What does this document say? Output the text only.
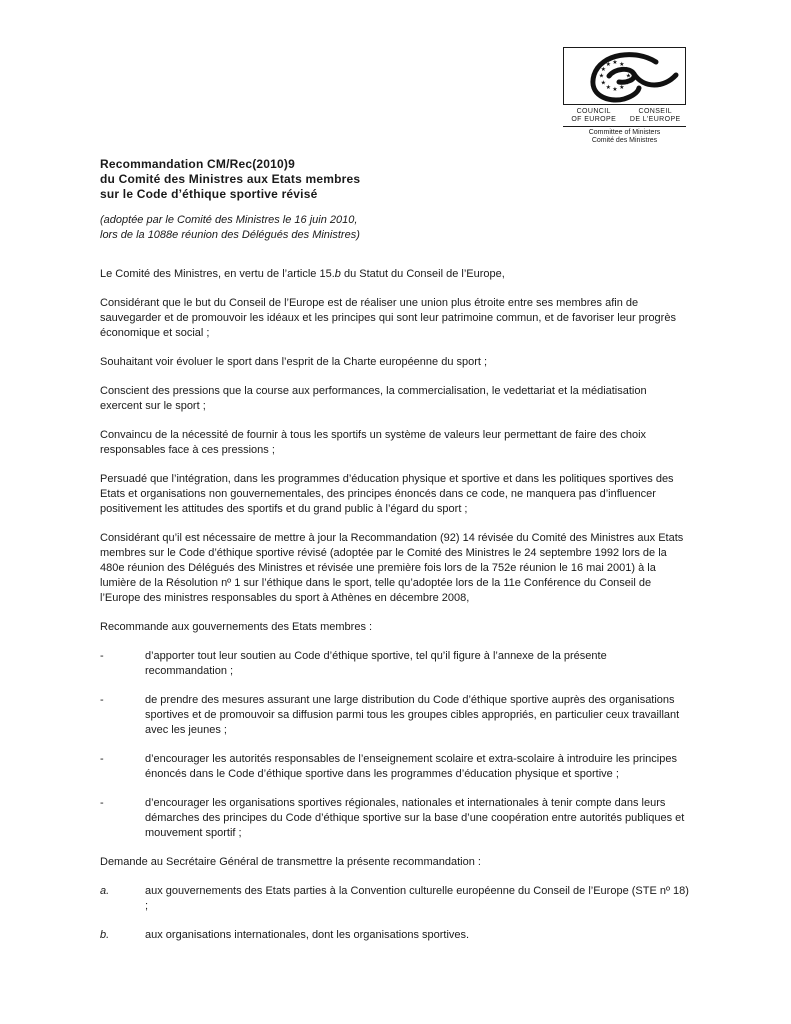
★ ★
★
★
★
★
★
★
★
★
★
★
COUNCIL
OF EUROPE
CONSEIL
DE L’EUROPE
Committee of Ministers
Comité des Ministres
Recommandation CM/Rec(2010)9
du Comité des Ministres aux Etats membres
sur le Code d’éthique sportive révisé
(adoptée par le Comité des Ministres le 16 juin 2010,
lors de la 1088e réunion des Délégués des Ministres)

Le Comité des Ministres, en vertu de l’article 15.b du Statut du Conseil de l’Europe,

Considérant que le but du Conseil de l’Europe est de réaliser une union plus étroite entre ses membres afin de sauvegarder et de promouvoir les idéaux et les principes qui sont leur patrimoine commun, et de favoriser leur progrès économique et social ;

Souhaitant voir évoluer le sport dans l’esprit de la Charte européenne du sport ;

Conscient des pressions que la course aux performances, la commercialisation, le vedettariat et la médiatisation exercent sur le sport ;

Convaincu de la nécessité de fournir à tous les sportifs un système de valeurs leur permettant de faire des choix responsables face à ces pressions ;

Persuadé que l’intégration, dans les programmes d’éducation physique et sportive et dans les politiques sportives des Etats et organisations non gouvernementales, des principes énoncés dans ce code, ne manquera pas d’influencer positivement les attitudes des sportifs et du grand public à l’égard du sport ;

Considérant qu’il est nécessaire de mettre à jour la Recommandation (92) 14 révisée du Comité des Ministres aux Etats membres sur le Code d’éthique sportive révisé (adoptée par le Comité des Ministres le 24 septembre 1992 lors de la 480e réunion des Délégués des Ministres et révisée une première fois lors de la 752e réunion le 16 mai 2001) à la lumière de la Résolution nº 1 sur l’éthique dans le sport, telle qu’adoptée lors de la 11e Conférence du Conseil de l’Europe des ministres responsables du sport à Athènes en décembre 2008,

Recommande aux gouvernements des Etats membres :

-	d’apporter tout leur soutien au Code d’éthique sportive, tel qu’il figure à l’annexe de la présente recommandation ;
-	de prendre des mesures assurant une large distribution du Code d’éthique sportive auprès des organisations sportives et de promouvoir sa diffusion parmi tous les groupes cibles appropriés, en particulier ceux travaillant avec les jeunes ;
-	d’encourager les autorités responsables de l’enseignement scolaire et extra-scolaire à introduire les principes énoncés dans le Code d’éthique sportive dans les programmes d’éducation physique et sportive ;
-	d’encourager les organisations sportives régionales, nationales et internationales à tenir compte dans leurs démarches des principes du Code d’éthique sportive sur la base d’une coopération entre autorités publiques et mouvement sportif ;

Demande au Secrétaire Général de transmettre la présente recommandation :

a.	aux gouvernements des Etats parties à la Convention culturelle européenne du Conseil de l’Europe (STE nº 18) ;
b.	aux organisations internationales, dont les organisations sportives.
